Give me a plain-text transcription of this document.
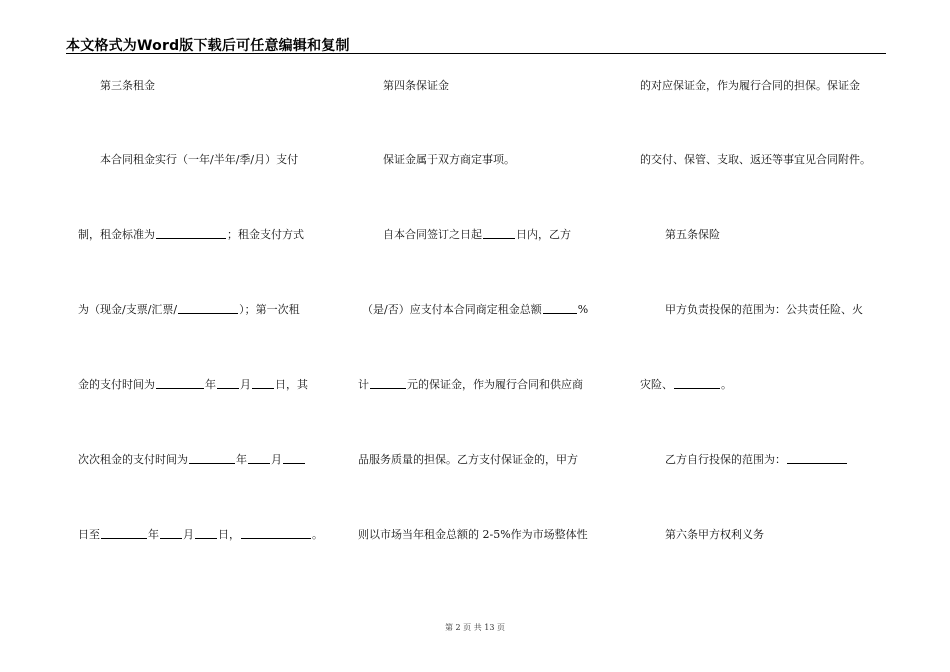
本文格式为Word版下载后可任意编辑和复制
第三条租金
本合同租金实行（一年/半年/季/月）支付
制，租金标准为	；租金支付方式
为（现金/支票/汇票/	）；第一次租
金的支付时间为	年 月 日，其
次次租金的支付时间为	年 月
日至	年 月 日，	。
第四条保证金
保证金属于双方商定事项。
自本合同签订之日起	日内，乙方
（是/否）应支付本合同商定租金总额	%
计	元的保证金，作为履行合同和供应商
品服务质量的担保。乙方支付保证金的，甲方
则以市场当年租金总额的 2-5%作为市场整体性
的对应保证金，作为履行合同的担保。保证金
的交付、保管、支取、返还等事宜见合同附件。
第五条保险
甲方负责投保的范围为：公共责任险、火
灾险、	。
乙方自行投保的范围为：
第六条甲方权利义务
第 2 页 共 13 页
